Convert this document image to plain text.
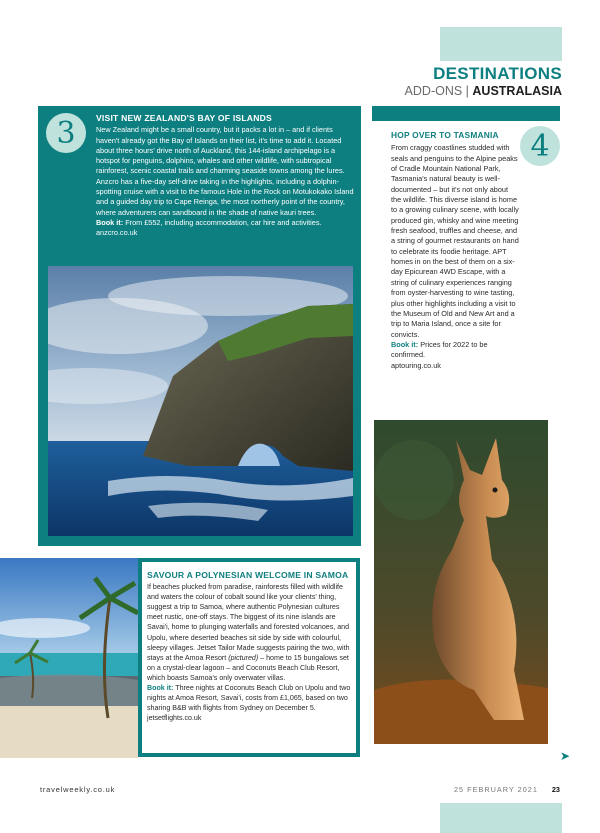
DESTINATIONS
ADD-ONS | AUSTRALASIA
3	VISIT NEW ZEALAND'S BAY OF ISLANDS

New Zealand might be a small country, but it packs a lot in – and if clients haven't already got the Bay of Islands on their list, it's time to add it. Located about three hours' drive north of Auckland, this 144-island archipelago is a hotspot for penguins, dolphins, whales and other wildlife, with subtropical rainforest, scenic coastal trails and charming seaside towns among the lures. Anzcro has a five-day self-drive taking in the highlights, including a dolphin-spotting cruise with a visit to the famous Hole in the Rock on Motukokako Island and a guided day trip to Cape Reinga, the most northerly point of the country, where adventurers can sandboard in the shade of native kauri trees.

Book it: From £552, including accommodation, car hire and activities.

anzcro.co.uk

4
HOP OVER TO TASMANIA

From craggy coastlines studded with seals and penguins to the Alpine peaks of Cradle Mountain National Park, Tasmania's natural beauty is well-documented – but it's not only about the wildlife. This diverse island is home to a growing culinary scene, with locally produced gin, whisky and wine meeting fresh seafood, truffles and cheese, and a string of gourmet restaurants on hand to celebrate its foodie heritage. APT homes in on the best of them on a six-day Epicurean 4WD Escape, with a string of culinary experiences ranging from oyster-harvesting to wine tasting, plus other highlights including a visit to the Museum of Old and New Art and a trip to Maria Island, once a site for convicts.

Book it: Prices for 2022 to be confirmed.

aptouring.co.uk

SAVOUR A POLYNESIAN WELCOME IN SAMOA

If beaches plucked from paradise, rainforests filled with wildlife and waters the colour of cobalt sound like your clients' thing, suggest a trip to Samoa, where authentic Polynesian cultures meet rustic, one-off stays. The biggest of its nine islands are Savai'i, home to plunging waterfalls and forested volcanoes, and Upolu, where deserted beaches sit side by side with colourful, sleepy villages. Jetset Tailor Made suggests pairing the two, with stays at the Amoa Resort (pictured) – home to 15 bungalows set on a crystal-clear lagoon – and Coconuts Beach Club Resort, which boasts Samoa's only overwater villas.

Book it: Three nights at Coconuts Beach Club on Upolu and two nights at Amoa Resort, Savai'i, costs from £1,065, based on two sharing B&B with flights from Sydney on December 5.

jetsetflights.co.uk

➤
travelweekly.co.uk	25 FEBRUARY 2021 23
